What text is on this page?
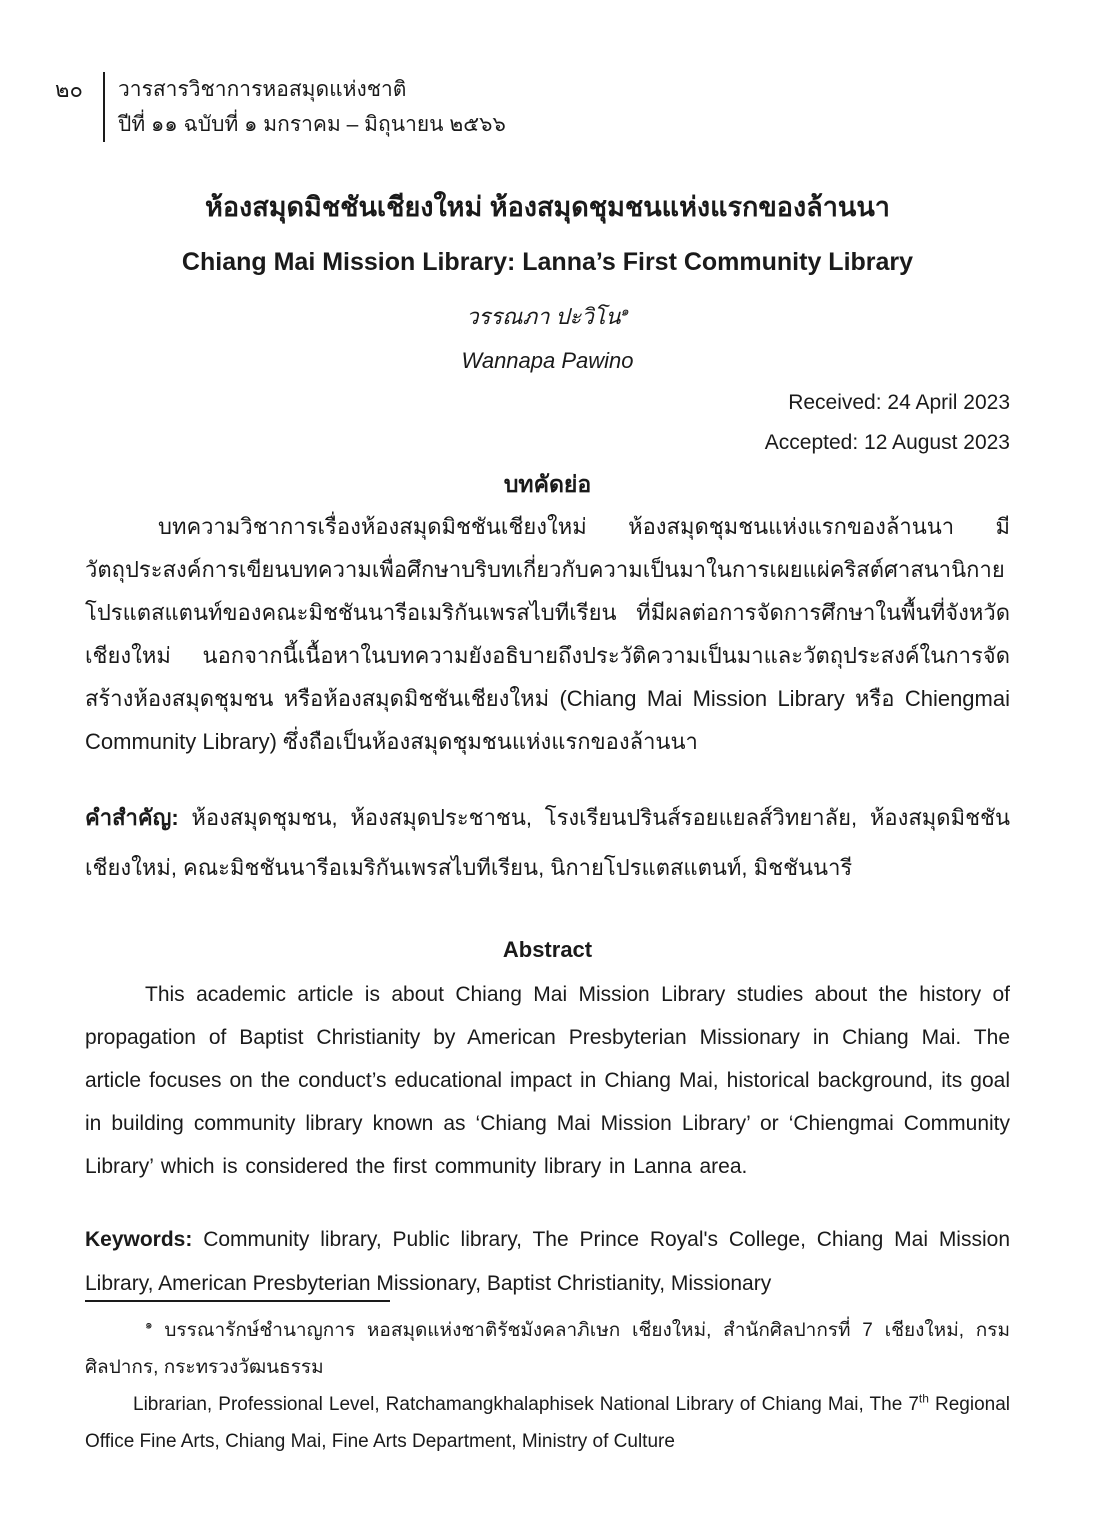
๒๐ วารสารวิชาการหอสมุดแห่งชาติ
ปีที่ ๑๑ ฉบับที่ ๑ มกราคม – มิถุนายน ๒๕๖๖
ห้องสมุดมิชชันเชียงใหม่ ห้องสมุดชุมชนแห่งแรกของล้านนา
Chiang Mai Mission Library: Lanna’s First Community Library
วรรณภา ปะวิโน$^๑$
Wannapa Pawino
Received: 24 April 2023
Accepted: 12 August 2023
บทคัดย่อ

บทความวิชาการเรื่องห้องสมุดมิชชันเชียงใหม่ ห้องสมุดชุมชนแห่งแรกของล้านนา มีวัตถุประสงค์การเขียนบทความเพื่อศึกษาบริบทเกี่ยวกับความเป็นมาในการเผยแผ่คริสต์ศาสนานิกายโปรแตสแตนท์ของคณะมิชชันนารีอเมริกันเพรสไบทีเรียน ที่มีผลต่อการจัดการศึกษาในพื้นที่จังหวัดเชียงใหม่ นอกจากนี้เนื้อหาในบทความยังอธิบายถึงประวัติความเป็นมาและวัตถุประสงค์ในการจัดสร้างห้องสมุดชุมชน หรือห้องสมุดมิชชันเชียงใหม่ (Chiang Mai Mission Library หรือ Chiengmai Community Library) ซึ่งถือเป็นห้องสมุดชุมชนแห่งแรกของล้านนา

คำสำคัญ: ห้องสมุดชุมชน, ห้องสมุดประชาชน, โรงเรียนปรินส์รอยแยลส์วิทยาลัย, ห้องสมุดมิชชันเชียงใหม่, คณะมิชชันนารีอเมริกันเพรสไบทีเรียน, นิกายโปรแตสแตนท์, มิชชันนารี

Abstract

This academic article is about Chiang Mai Mission Library studies about the history of propagation of Baptist Christianity by American Presbyterian Missionary in Chiang Mai. The article focuses on the conduct’s educational impact in Chiang Mai, historical background, its goal in building community library known as ‘Chiang Mai Mission Library’ or ‘Chiengmai Community Library’ which is considered the first community library in Lanna area.

Keywords: Community library, Public library, The Prince Royal's College, Chiang Mai Mission Library, American Presbyterian Missionary, Baptist Christianity, Missionary

$^๑$ บรรณารักษ์ชำนาญการ หอสมุดแห่งชาติรัชมังคลาภิเษก เชียงใหม่, สำนักศิลปากรที่ 7 เชียงใหม่, กรมศิลปากร, กระทรวงวัฒนธรรม

Librarian, Professional Level, Ratchamangkhalaphisek National Library of Chiang Mai, The 7th Regional Office Fine Arts, Chiang Mai, Fine Arts Department, Ministry of Culture
